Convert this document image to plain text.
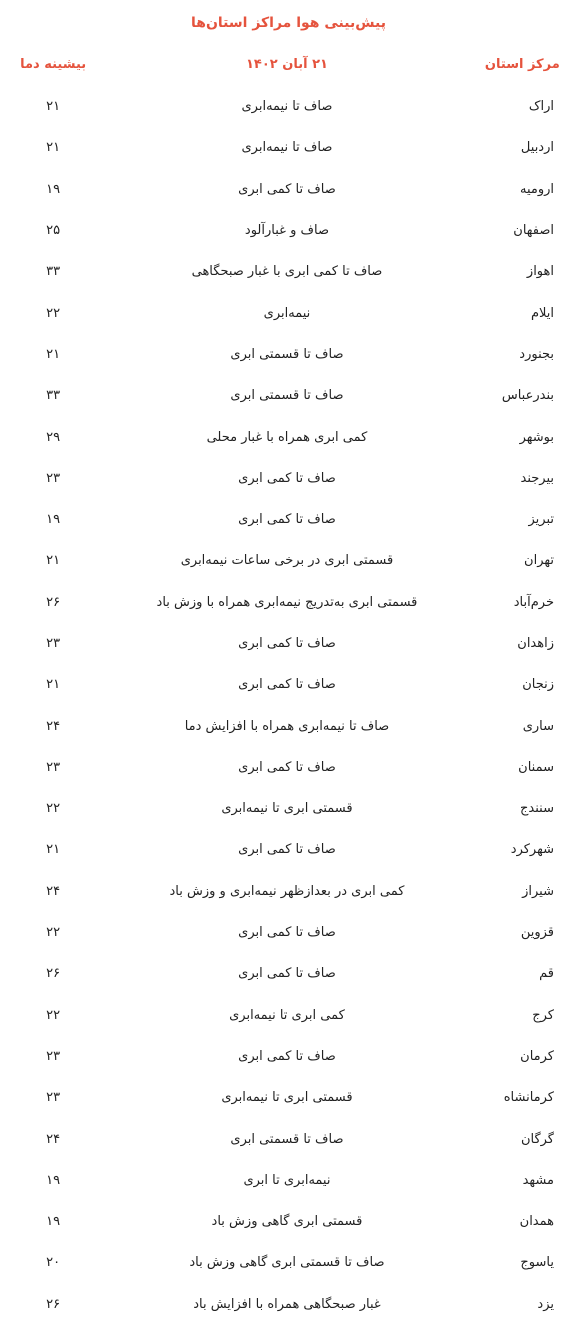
پیش‌بینی هوا مراکز استان‌ها
مرکز استان	۲۱ آبان ۱۴۰۲	بیشینه دما
اراک	صاف تا نیمه‌ابری	۲۱
اردبیل	صاف تا نیمه‌ابری	۲۱
ارومیه	صاف تا کمی ابری	۱۹
اصفهان	صاف و غبارآلود	۲۵
اهواز	صاف تا کمی ابری با غبار صبحگاهی	۳۳
ایلام	نیمه‌ابری	۲۲
بجنورد	صاف تا قسمتی ابری	۲۱
بندرعباس	صاف تا قسمتی ابری	۳۳
بوشهر	کمی ابری همراه با غبار محلی	۲۹
بیرجند	صاف تا کمی ابری	۲۳
تبریز	صاف تا کمی ابری	۱۹
تهران	قسمتی ابری در برخی ساعات نیمه‌ابری	۲۱
خرم‌آباد	قسمتی ابری به‌تدریج نیمه‌ابری همراه با وزش باد	۲۶
زاهدان	صاف تا کمی ابری	۲۳
زنجان	صاف تا کمی ابری	۲۱
ساری	صاف تا نیمه‌ابری همراه با افزایش دما	۲۴
سمنان	صاف تا کمی ابری	۲۳
سنندج	قسمتی ابری تا نیمه‌ابری	۲۲
شهرکرد	صاف تا کمی ابری	۲۱
شیراز	کمی ابری در بعدازظهر نیمه‌ابری و وزش باد	۲۴
قزوین	صاف تا کمی ابری	۲۲
قم	صاف تا کمی ابری	۲۶
کرج	کمی ابری تا نیمه‌ابری	۲۲
کرمان	صاف تا کمی ابری	۲۳
کرمانشاه	قسمتی ابری تا نیمه‌ابری	۲۳
گرگان	صاف تا قسمتی ابری	۲۴
مشهد	نیمه‌ابری تا ابری	۱۹
همدان	قسمتی ابری گاهی وزش باد	۱۹
یاسوج	صاف تا قسمتی ابری گاهی وزش باد	۲۰
یزد	غبار صبحگاهی همراه با افزایش باد	۲۶
